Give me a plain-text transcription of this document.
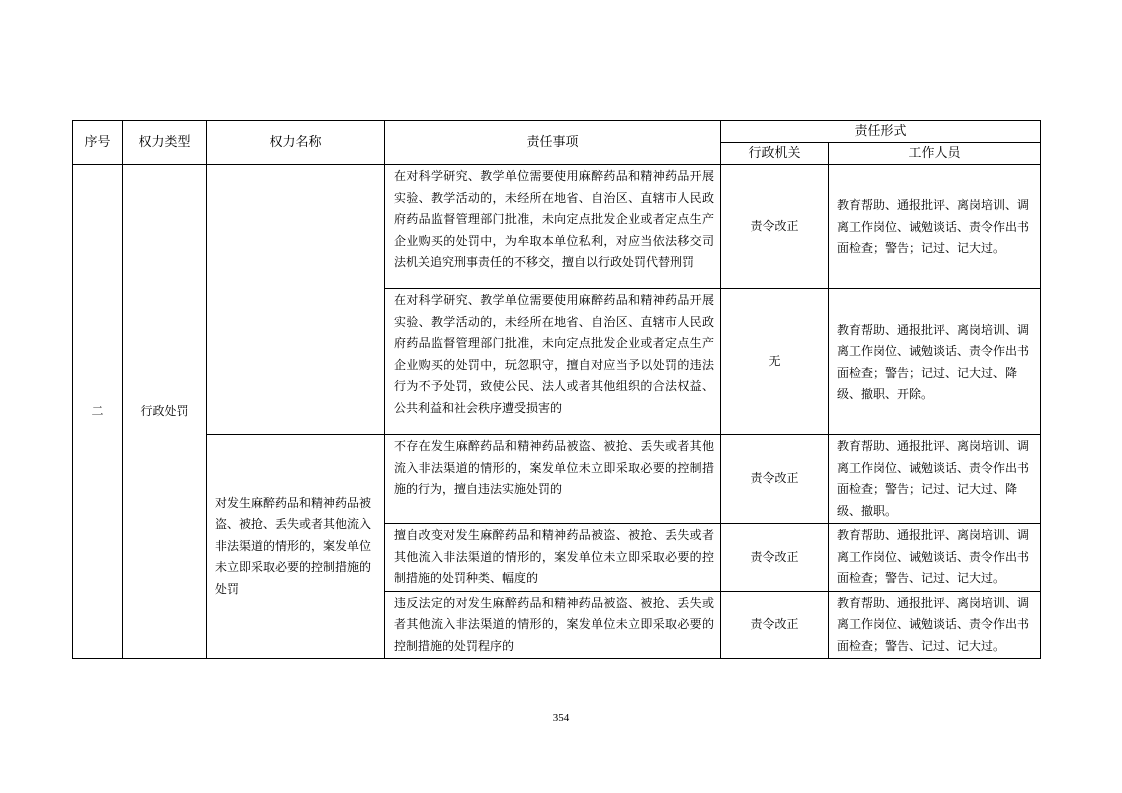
序号	权力类型	权力名称	责任事项	责任形式	
				行政机关	工作人员
二	行政处罚		在对科学研究、教学单位需要使用麻醉药品和精神药品开展实验、教学活动的，未经所在地省、自治区、直辖市人民政府药品监督管理部门批准，未向定点批发企业或者定点生产企业购买的处罚中，为牟取本单位私利，对应当依法移交司法机关追究刑事责任的不移交，擅自以行政处罚代替刑罚	责令改正	教育帮助、通报批评、离岗培训、调离工作岗位、诫勉谈话、责令作出书面检查；警告；记过、记大过。
			在对科学研究、教学单位需要使用麻醉药品和精神药品开展实验、教学活动的，未经所在地省、自治区、直辖市人民政府药品监督管理部门批准，未向定点批发企业或者定点生产企业购买的处罚中，玩忽职守，擅自对应当予以处罚的违法行为不予处罚，致使公民、法人或者其他组织的合法权益、公共利益和社会秩序遭受损害的	无	教育帮助、通报批评、离岗培训、调离工作岗位、诫勉谈话、责令作出书面检查；警告；记过、记大过、降级、撤职、开除。
		对发生麻醉药品和精神药品被盗、被抢、丢失或者其他流入非法渠道的情形的，案发单位未立即采取必要的控制措施的处罚	不存在发生麻醉药品和精神药品被盗、被抢、丢失或者其他流入非法渠道的情形的，案发单位未立即采取必要的控制措施的行为，擅自违法实施处罚的	责令改正	教育帮助、通报批评、离岗培训、调离工作岗位、诫勉谈话、责令作出书面检查；警告；记过、记大过、降级、撤职。
			擅自改变对发生麻醉药品和精神药品被盗、被抢、丢失或者其他流入非法渠道的情形的，案发单位未立即采取必要的控制措施的处罚种类、幅度的	责令改正	教育帮助、通报批评、离岗培训、调离工作岗位、诫勉谈话、责令作出书面检查；警告、记过、记大过。
			违反法定的对发生麻醉药品和精神药品被盗、被抢、丢失或者其他流入非法渠道的情形的，案发单位未立即采取必要的控制措施的处罚程序的	责令改正	教育帮助、通报批评、离岗培训、调离工作岗位、诫勉谈话、责令作出书面检查；警告、记过、记大过。
354
